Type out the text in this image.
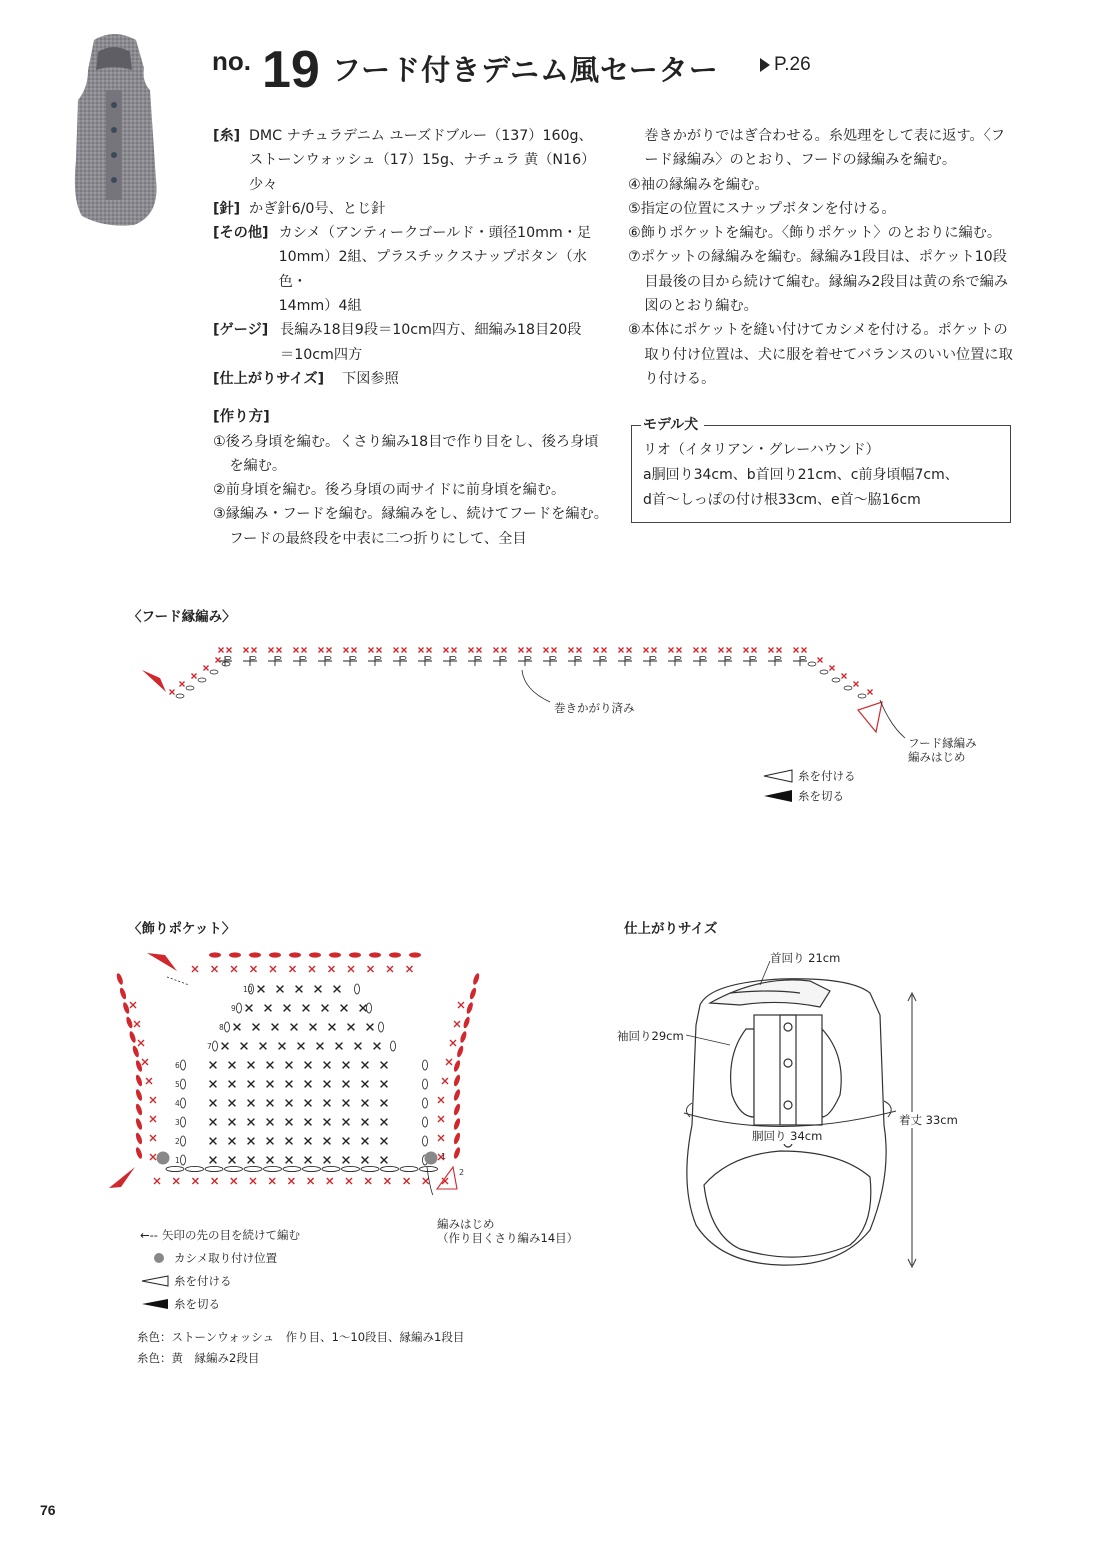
no. 19 フード付きデニム風セーター	P.26
[糸] DMC ナチュラデニム ユーズドブルー（137）160g、
ストーンウォッシュ（17）15g、ナチュラ 黄（N16）
少々
[針] かぎ針6/0号、とじ針
[その他] カシメ（アンティークゴールド・頭径10mm・足
10mm）2組、プラスチックスナップボタン（水色・
14mm）4組
[ゲージ] 長編み18目9段＝10cm四方、細編み18目20段
＝10cm四方
[仕上がりサイズ]	下図参照
[作り方]
①後ろ身頃を編む。くさり編み18目で作り目をし、後ろ身頃を編む。
②前身頃を編む。後ろ身頃の両サイドに前身頃を編む。
③縁編み・フードを編む。縁編みをし、続けてフードを編む。フードの最終段を中表に二つ折りにして、全目
巻きかがりではぎ合わせる。糸処理をして表に返す。〈フード縁編み〉のとおり、フードの縁編みを編む。
④袖の縁編みを編む。
⑤指定の位置にスナップボタンを付ける。
⑥飾りポケットを編む。〈飾りポケット〉のとおりに編む。
⑦ポケットの縁編みを編む。縁編み1段目は、ポケット10段目最後の目から続けて編む。縁編み2段目は黄の糸で編み図のとおり編む。
⑧本体にポケットを縫い付けてカシメを付ける。ポケットの取り付け位置は、犬に服を着せてバランスのいい位置に取り付ける。
モデル犬
リオ（イタリアン・グレーハウンド）
a胴回り34cm、b首回り21cm、c前身頃幅7cm、
d首〜しっぽの付け根33cm、e首〜脇16cm
〈フード縁編み〉
巻きかがり済み
フード縁編み
編みはじめ
糸を付ける
糸を切る
〈飾りポケット〉
10
9
8
7
6
5
4
3
2
1	1
2
編みはじめ
（作り目くさり編み14目）
←-- 矢印の先の目を続けて編む
カシメ取り付け位置
糸を付ける
糸を切る
糸色：ストーンウォッシュ　作り目、1〜10段目、縁編み1段目
糸色：黄　縁編み2段目
仕上がりサイズ
首回り 21cm
袖回り29cm
胴回り 34cm
着丈 33cm
76
